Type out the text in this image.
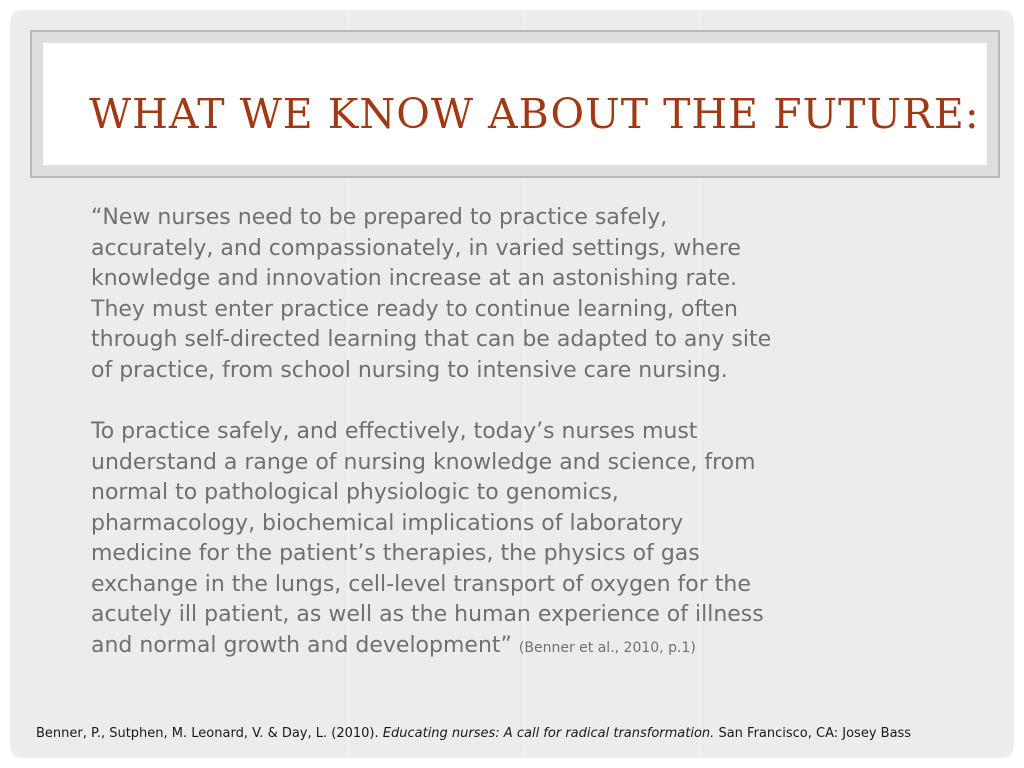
WHAT WE KNOW ABOUT THE FUTURE:

“New nurses need to be prepared to practice safely,
accurately, and compassionately, in varied settings, where
knowledge and innovation increase at an astonishing rate.
They must enter practice ready to continue learning, often
through self-directed learning that can be adapted to any site
of practice, from school nursing to intensive care nursing.

To practice safely, and effectively, today’s nurses must
understand a range of nursing knowledge and science, from
normal to pathological physiologic to genomics,
pharmacology, biochemical implications of laboratory
medicine for the patient’s therapies, the physics of gas
exchange in the lungs, cell-level transport of oxygen for the
acutely ill patient, as well as the human experience of illness
and normal growth and development” (Benner et al., 2010, p.1)

Benner, P., Sutphen, M. Leonard, V. & Day, L. (2010). Educating nurses: A call for radical transformation. San Francisco, CA: Josey Bass
